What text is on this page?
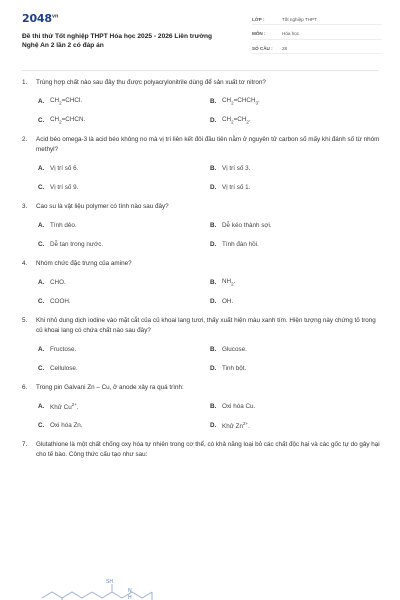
$2048^{vn}$
Đề thi thử Tốt nghiệp THPT Hóa học 2025 - 2026 Liên trường Nghệ An 2 lần 2 có đáp án
LỚP :	Tốt nghiệp THPT
MÔN :	Hóa học
SỐ CÂU :	28
1.	Trùng hợp chất nào sau đây thu được polyacrylonitrile dùng để sản xuất tơ nitron?
A. $CH_2=CHCl$.	B. $CH_2=CHCH_3$.
C. $CH_2=CHCN$.	D. $CH_2=CH_2$.
2.	Acid béo omega-3 là acid béo không no mà vị trí liên kết đôi đầu tiên nằm ở nguyên tử carbon số mấy khi đánh số từ nhóm methyl?
A. Vị trí số 6.	B. Vị trí số 3.
C. Vị trí số 9.	D. Vị trí số 1.
3.	Cao su là vật liệu polymer có tính nào sau đây?
A. Tính dẻo.	B. Dễ kéo thành sợi.
C. Dễ tan trong nước.	D. Tính đàn hồi.
4.	Nhóm chức đặc trưng của amine?
A. CHO.	B. $NH_2$.
C. COOH.	D. OH.
5.	Khi nhỏ dung dịch iodine vào mặt cắt của củ khoai lang tươi, thấy xuất hiện màu xanh tím. Hiện tượng này chứng tỏ trong củ khoai lang có chứa chất nào sau đây?
A. Fructose.	B. Glucose.
C. Cellulose.	D. Tinh bột.
6.	Trong pin Galvani Zn – Cu, ở anode xảy ra quá trình:
A. Khử $Cu^{2+}$.	B. Oxi hóa Cu.
C. Oxi hóa Zn.	D. Khử $Zn^{2+}$.
7.	Glutathione là một chất chống oxy hóa tự nhiên trong cơ thể, có khả năng loại bỏ các chất độc hại và các gốc tự do gây hại cho tế bào. Công thức cấu tạo như sau:
SH
N
H
